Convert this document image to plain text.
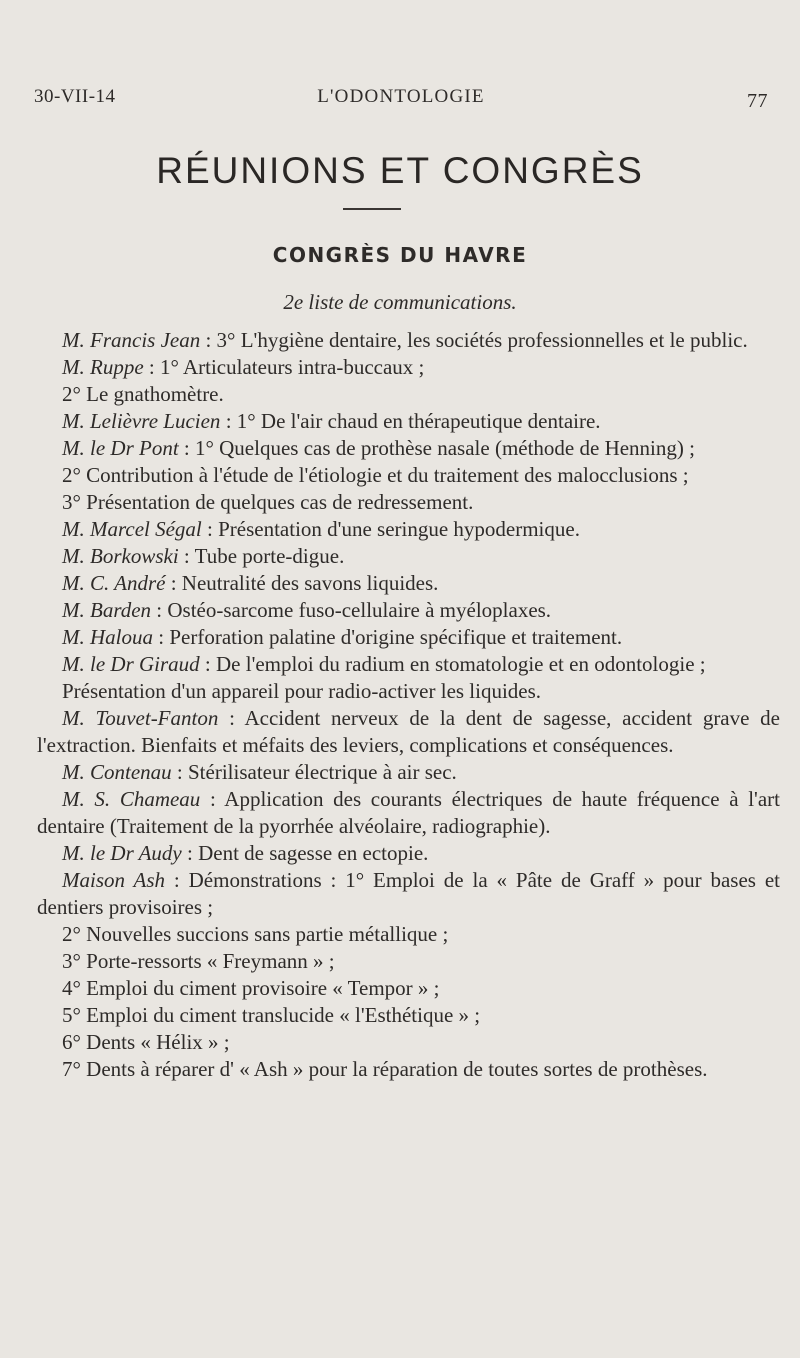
30-VII-14	L'ODONTOLOGIE	77
RÉUNIONS ET CONGRÈS
CONGRÈS DU HAVRE
2e liste de communications.

M. Francis Jean : 3° L'hygiène dentaire, les sociétés professionnelles et le public.

M. Ruppe : 1° Articulateurs intra-buccaux ;

2° Le gnathomètre.

M. Lelièvre Lucien : 1° De l'air chaud en thérapeutique dentaire.

M. le Dr Pont : 1° Quelques cas de prothèse nasale (méthode de Henning) ;

2° Contribution à l'étude de l'étiologie et du traitement des malocclusions ;

3° Présentation de quelques cas de redressement.

M. Marcel Ségal : Présentation d'une seringue hypodermique.

M. Borkowski : Tube porte-digue.

M. C. André : Neutralité des savons liquides.

M. Barden : Ostéo-sarcome fuso-cellulaire à myéloplaxes.

M. Haloua : Perforation palatine d'origine spécifique et traitement.

M. le Dr Giraud : De l'emploi du radium en stomatologie et en odontologie ;

Présentation d'un appareil pour radio-activer les liquides.

M. Touvet-Fanton : Accident nerveux de la dent de sagesse, accident grave de l'extraction. Bienfaits et méfaits des leviers, complications et conséquences.

M. Contenau : Stérilisateur électrique à air sec.

M. S. Chameau : Application des courants électriques de haute fréquence à l'art dentaire (Traitement de la pyorrhée alvéolaire, radiographie).

M. le Dr Audy : Dent de sagesse en ectopie.

Maison Ash : Démonstrations : 1° Emploi de la « Pâte de Graff » pour bases et dentiers provisoires ;

2° Nouvelles succions sans partie métallique ;

3° Porte-ressorts « Freymann » ;

4° Emploi du ciment provisoire « Tempor » ;

5° Emploi du ciment translucide « l'Esthétique » ;

6° Dents « Hélix » ;

7° Dents à réparer d' « Ash » pour la réparation de toutes sortes de prothèses.
